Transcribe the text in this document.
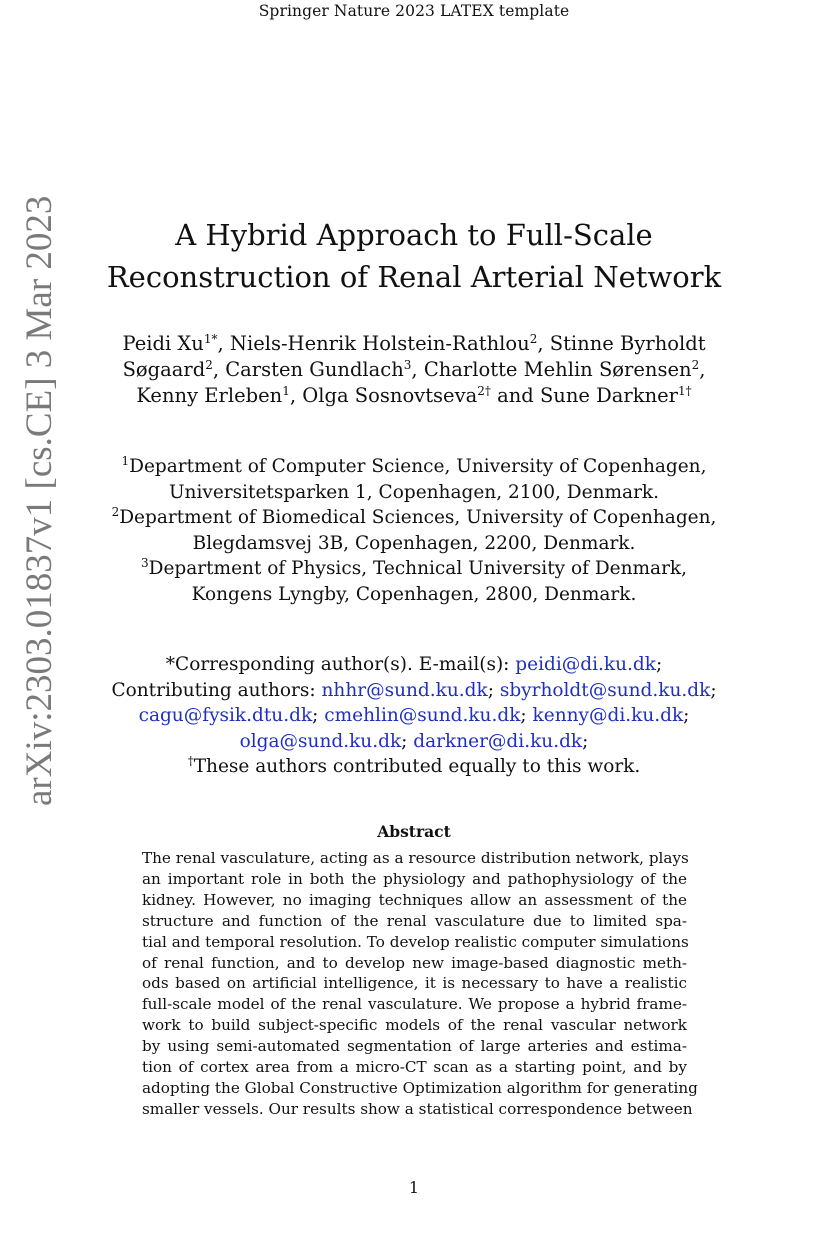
Springer Nature 2023 LATEX template
arXiv:2303.01837v1 [cs.CE] 3 Mar 2023	A Hybrid Approach to Full-Scale
Reconstruction of Renal Arterial Network

Peidi $Xu^{1*}$, Niels-Henrik Holstein-Rathlou$^2$, Stinne Byrholdt Søgaard$^2$, Carsten Gundlach$^3$, Charlotte Mehlin Sørensen$^2$, Kenny Erleben$^1$, Olga Sosnovtseva$^{2\dagger}$ and Sune Darkner$^{1\dagger}$

$^1$Department of Computer Science, University of Copenhagen,
Universitetsparken 1, Copenhagen, 2100, Denmark.
$^2$Department of Biomedical Sciences, University of Copenhagen,
Blegdamsvej 3B, Copenhagen, 2200, Denmark.
$^3$Department of Physics, Technical University of Denmark,
Kongens Lyngby, Copenhagen, 2800, Denmark.
*Corresponding author(s). E-mail(s): peidi@di.ku.dk;
Contributing authors: nhhr@sund.ku.dk; sbyrholdt@sund.ku.dk;
cagu@fysik.dtu.dk; cmehlin@sund.ku.dk; kenny@di.ku.dk;
olga@sund.ku.dk; darkner@di.ku.dk;
†These authors contributed equally to this work.
Abstract
The renal vasculature, acting as a resource distribution network, plays
an important role in both the physiology and pathophysiology of the
kidney. However, no imaging techniques allow an assessment of the
structure and function of the renal vasculature due to limited spa-
tial and temporal resolution. To develop realistic computer simulations
of renal function, and to develop new image-based diagnostic meth-
ods based on artificial intelligence, it is necessary to have a realistic
full-scale model of the renal vasculature. We propose a hybrid frame-
work to build subject-specific models of the renal vascular network
by using semi-automated segmentation of large arteries and estima-
tion of cortex area from a micro-CT scan as a starting point, and by
adopting the Global Constructive Optimization algorithm for generating
smaller vessels. Our results show a statistical correspondence between
1
